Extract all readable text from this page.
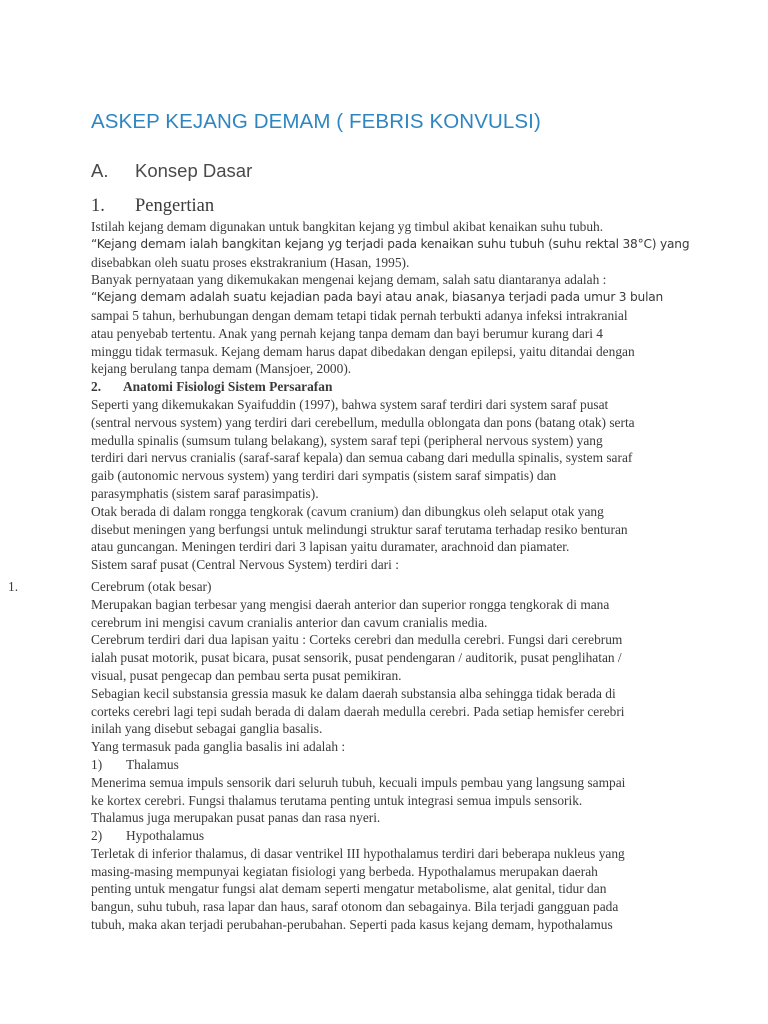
ASKEP KEJANG DEMAM ( FEBRIS KONVULSI)
A. Konsep Dasar
1. Pengertian
Istilah kejang demam digunakan untuk bangkitan kejang yg timbul akibat kenaikan suhu tubuh.
“Kejang demam ialah bangkitan kejang yg terjadi pada kenaikan suhu tubuh (suhu rektal 38°C) yang
disebabkan oleh suatu proses ekstrakranium (Hasan, 1995).
Banyak pernyataan yang dikemukakan mengenai kejang demam, salah satu diantaranya adalah :
“Kejang demam adalah suatu kejadian pada bayi atau anak, biasanya terjadi pada umur 3 bulan
sampai 5 tahun, berhubungan dengan demam tetapi tidak pernah terbukti adanya infeksi intrakranial
atau penyebab tertentu. Anak yang pernah kejang tanpa demam dan bayi berumur kurang dari 4
minggu tidak termasuk. Kejang demam harus dapat dibedakan dengan epilepsi, yaitu ditandai dengan
kejang berulang tanpa demam (Mansjoer, 2000).
2. Anatomi Fisiologi Sistem Persarafan
Seperti yang dikemukakan Syaifuddin (1997), bahwa system saraf terdiri dari system saraf pusat
(sentral nervous system) yang terdiri dari cerebellum, medulla oblongata dan pons (batang otak) serta
medulla spinalis (sumsum tulang belakang), system saraf tepi (peripheral nervous system) yang
terdiri dari nervus cranialis (saraf-saraf kepala) dan semua cabang dari medulla spinalis, system saraf
gaib (autonomic nervous system) yang terdiri dari sympatis (sistem saraf simpatis) dan
parasymphatis (sistem saraf parasimpatis).
Otak berada di dalam rongga tengkorak (cavum cranium) dan dibungkus oleh selaput otak yang
disebut meningen yang berfungsi untuk melindungi struktur saraf terutama terhadap resiko benturan
atau guncangan. Meningen terdiri dari 3 lapisan yaitu duramater, arachnoid dan piamater.
Sistem saraf pusat (Central Nervous System) terdiri dari :
1.	Cerebrum (otak besar)
Merupakan bagian terbesar yang mengisi daerah anterior dan superior rongga tengkorak di mana
cerebrum ini mengisi cavum cranialis anterior dan cavum cranialis media.
Cerebrum terdiri dari dua lapisan yaitu : Corteks cerebri dan medulla cerebri. Fungsi dari cerebrum
ialah pusat motorik, pusat bicara, pusat sensorik, pusat pendengaran / auditorik, pusat penglihatan /
visual, pusat pengecap dan pembau serta pusat pemikiran.
Sebagian kecil substansia gressia masuk ke dalam daerah substansia alba sehingga tidak berada di
corteks cerebri lagi tepi sudah berada di dalam daerah medulla cerebri. Pada setiap hemisfer cerebri
inilah yang disebut sebagai ganglia basalis.
Yang termasuk pada ganglia basalis ini adalah :
1) Thalamus
Menerima semua impuls sensorik dari seluruh tubuh, kecuali impuls pembau yang langsung sampai
ke kortex cerebri. Fungsi thalamus terutama penting untuk integrasi semua impuls sensorik.
Thalamus juga merupakan pusat panas dan rasa nyeri.
2) Hypothalamus
Terletak di inferior thalamus, di dasar ventrikel III hypothalamus terdiri dari beberapa nukleus yang
masing-masing mempunyai kegiatan fisiologi yang berbeda. Hypothalamus merupakan daerah
penting untuk mengatur fungsi alat demam seperti mengatur metabolisme, alat genital, tidur dan
bangun, suhu tubuh, rasa lapar dan haus, saraf otonom dan sebagainya. Bila terjadi gangguan pada
tubuh, maka akan terjadi perubahan-perubahan. Seperti pada kasus kejang demam, hypothalamus
